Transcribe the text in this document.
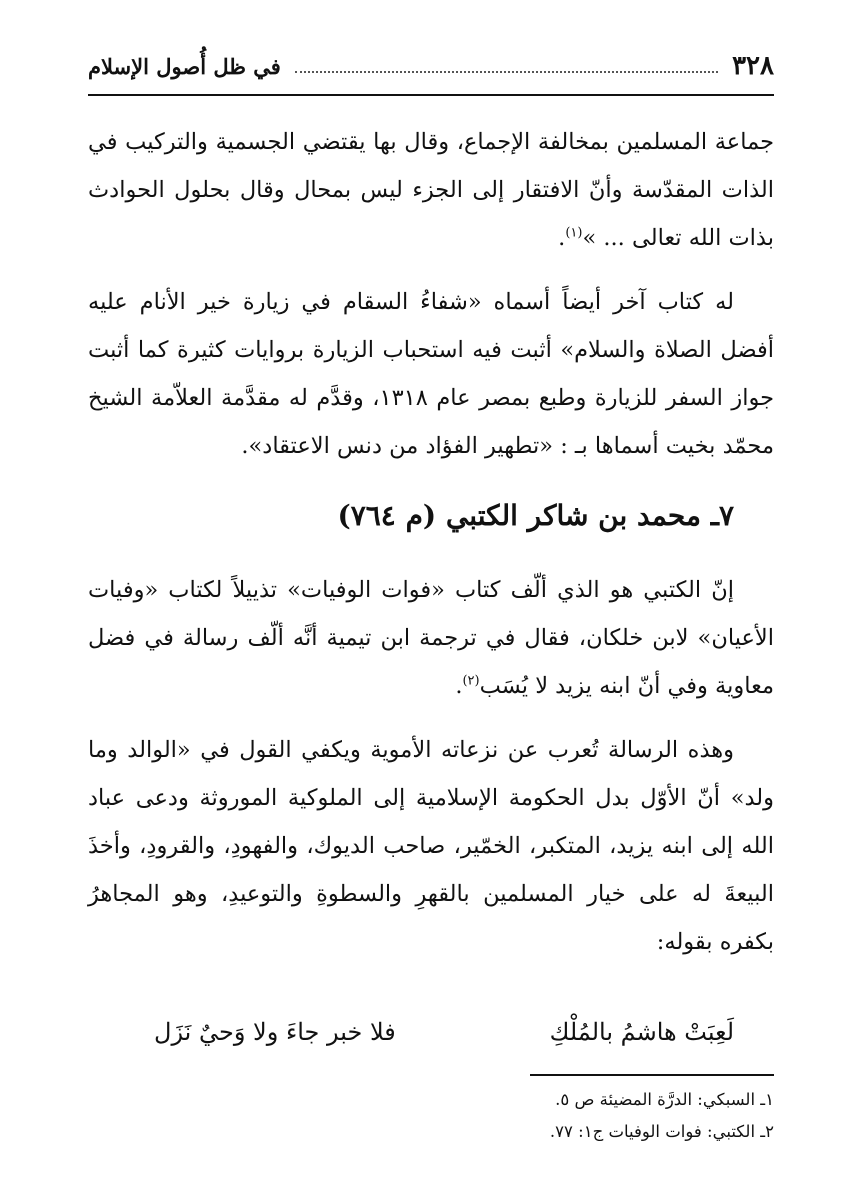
٣٢٨
في ظل أُصول الإسلام

جماعة المسلمين بمخالفة الإجماع، وقال بها يقتضي الجسمية والتركيب في الذات المقدّسة وأنّ الافتقار إلى الجزء ليس بمحال وقال بحلول الحوادث بذات الله تعالى ... »$^{(١)}$.

له كتاب آخر أيضاً أسماه «شفاءُ السقام في زيارة خير الأنام عليه أفضل الصلاة والسلام» أثبت فيه استحباب الزيارة بروايات كثيرة كما أثبت جواز السفر للزيارة وطبع بمصر عام ١٣١٨، وقدَّم له مقدَّمة العلاّمة الشيخ محمّد بخيت أسماها بـ : «تطهير الفؤاد من دنس الاعتقاد».

٧ـ محمد بن شاكر الكتبي (م ٧٦٤)

إنّ الكتبي هو الذي ألّف كتاب «فوات الوفيات» تذييلاً لكتاب «وفيات الأعيان» لابن خلكان، فقال في ترجمة ابن تيمية أنَّه ألّف رسالة في فضل معاوية وفي أنّ ابنه يزيد لا يُسَب$^{(٢)}$.

وهذه الرسالة تُعرب عن نزعاته الأموية ويكفي القول في «الوالد وما ولد» أنّ الأوّل بدل الحكومة الإسلامية إلى الملوكية الموروثة ودعى عباد الله إلى ابنه يزيد، المتكبر، الخمّير، صاحب الديوك، والفهودِ، والقرودِ، وأخذَ البيعةَ له على خيار المسلمين بالقهرِ والسطوةِ والتوعيدِ، وهو المجاهرُ بكفره بقوله:

لَعِبَتْ هاشمُ بالمُلْكِ
فلا خبر جاءَ ولا وَحيٌ نَزَل

١ـ السبكي: الدرَّة المضيئة ص ٥.

٢ـ الكتبي: فوات الوفيات ج١: ٧٧.
